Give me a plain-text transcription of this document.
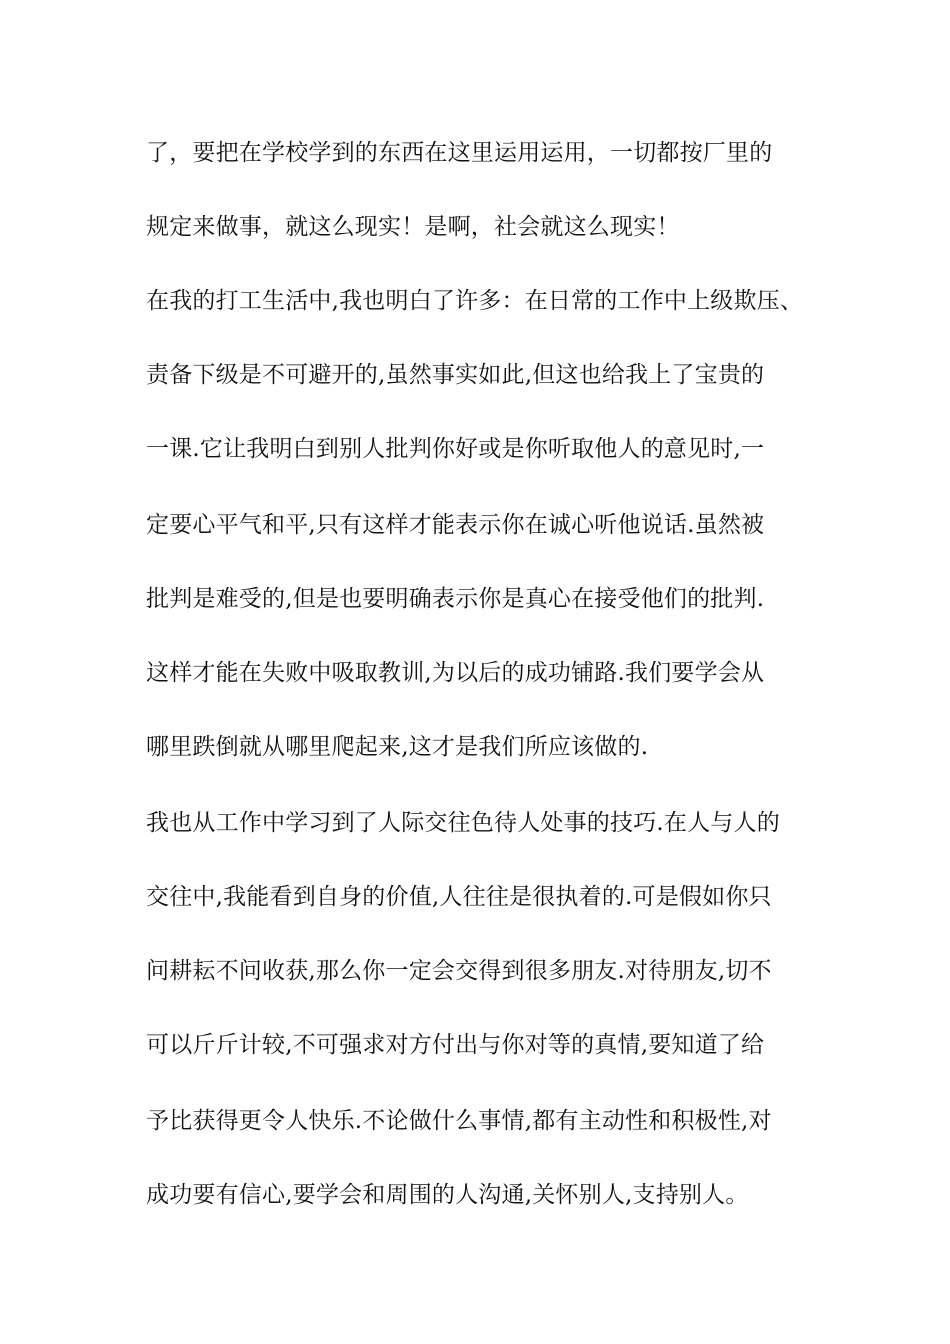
了，要把在学校学到的东西在这里运用运用，一切都按厂里的
规定来做事，就这么现实！是啊，社会就这么现实！
在我的打工生活中,我也明白了许多：在日常的工作中上级欺压、
责备下级是不可避开的,虽然事实如此,但这也给我上了宝贵的
一课.它让我明白到别人批判你好或是你听取他人的意见时,一
定要心平气和平,只有这样才能表示你在诚心听他说话.虽然被
批判是难受的,但是也要明确表示你是真心在接受他们的批判.
这样才能在失败中吸取教训,为以后的成功铺路.我们要学会从
哪里跌倒就从哪里爬起来,这才是我们所应该做的.
我也从工作中学习到了人际交往色待人处事的技巧.在人与人的
交往中,我能看到自身的价值,人往往是很执着的.可是假如你只
问耕耘不问收获,那么你一定会交得到很多朋友.对待朋友,切不
可以斤斤计较,不可强求对方付出与你对等的真情,要知道了给
予比获得更令人快乐.不论做什么事情,都有主动性和积极性,对
成功要有信心,要学会和周围的人沟通,关怀别人,支持别人。
